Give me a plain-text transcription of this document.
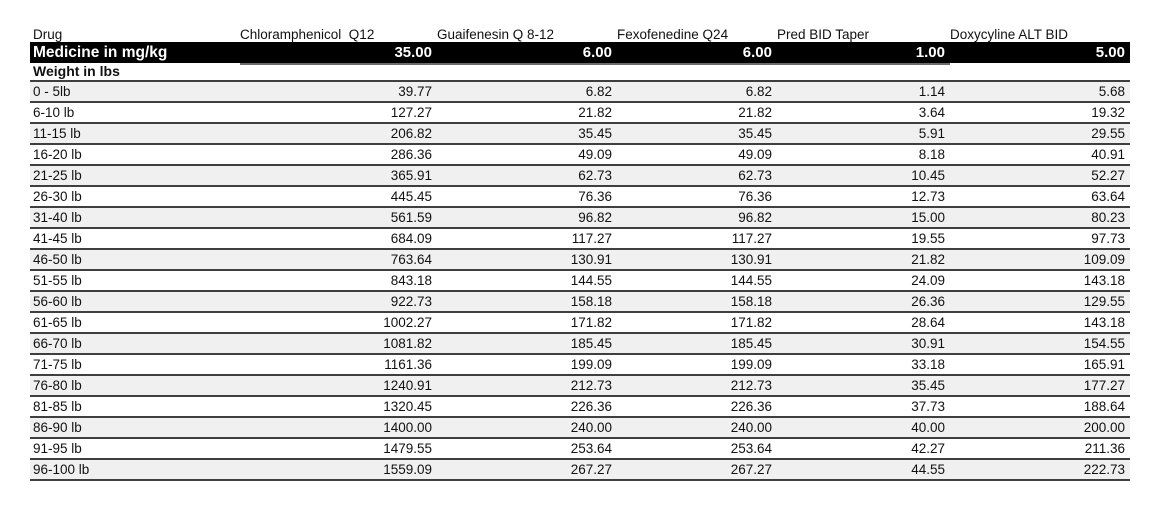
Drug	Chloramphenicol  Q12	Guaifenesin Q 8-12	Fexofenedine Q24	Pred BID Taper	Doxycyline ALT BID
Medicine in mg/kg	35.00	6.00	6.00	1.00	5.00
Weight in lbs
0 - 5lb	39.77	6.82	6.82	1.14	5.68
6-10 lb	127.27	21.82	21.82	3.64	19.32
11-15 lb	206.82	35.45	35.45	5.91	29.55
16-20 lb	286.36	49.09	49.09	8.18	40.91
21-25 lb	365.91	62.73	62.73	10.45	52.27
26-30 lb	445.45	76.36	76.36	12.73	63.64
31-40 lb	561.59	96.82	96.82	15.00	80.23
41-45 lb	684.09	117.27	117.27	19.55	97.73
46-50 lb	763.64	130.91	130.91	21.82	109.09
51-55 lb	843.18	144.55	144.55	24.09	143.18
56-60 lb	922.73	158.18	158.18	26.36	129.55
61-65 lb	1002.27	171.82	171.82	28.64	143.18
66-70 lb	1081.82	185.45	185.45	30.91	154.55
71-75 lb	1161.36	199.09	199.09	33.18	165.91
76-80 lb	1240.91	212.73	212.73	35.45	177.27
81-85 lb	1320.45	226.36	226.36	37.73	188.64
86-90 lb	1400.00	240.00	240.00	40.00	200.00
91-95 lb	1479.55	253.64	253.64	42.27	211.36
96-100 lb	1559.09	267.27	267.27	44.55	222.73
